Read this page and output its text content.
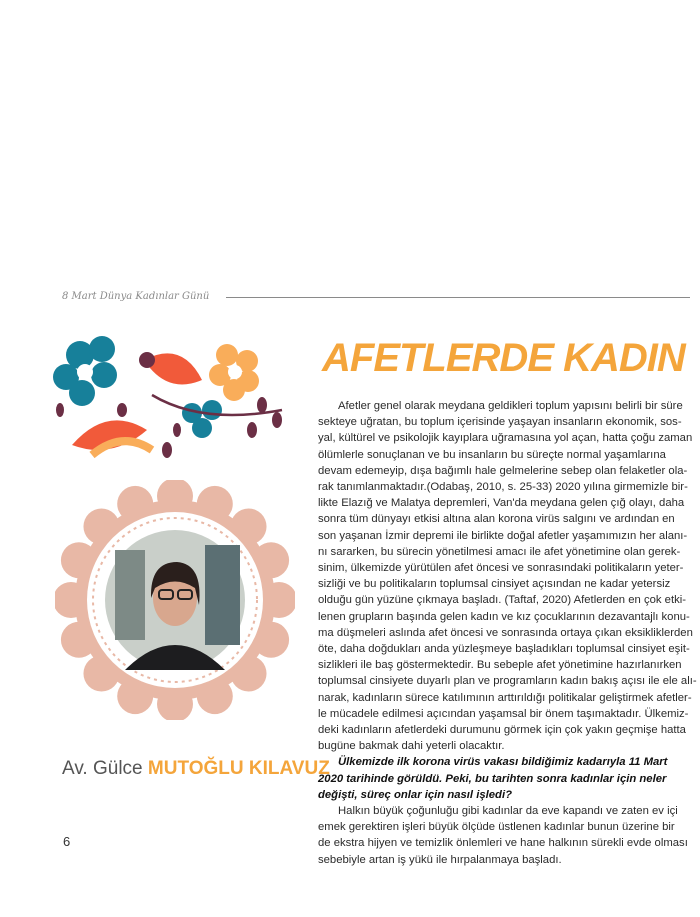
8 Mart Dünya Kadınlar Günü
AFETLERDE KADIN
Afetler genel olarak meydana geldikleri toplum yapısını belirli bir süre
sekteye uğratan, bu toplum içerisinde yaşayan insanların ekonomik, sos-
yal, kültürel ve psikolojik kayıplara uğramasına yol açan, hatta çoğu zaman
ölümlerle sonuçlanan ve bu insanların bu süreçte normal yaşamlarına
devam edemeyip, dışa bağımlı hale gelmelerine sebep olan felaketler ola-
rak tanımlanmaktadır.(Odabaş, 2010, s. 25-33) 2020 yılına girmemizle bir-
likte Elazığ ve Malatya depremleri, Van'da meydana gelen çığ olayı, daha
sonra tüm dünyayı etkisi altına alan korona virüs salgını ve ardından en
son yaşanan İzmir depremi ile birlikte doğal afetler yaşamımızın her alanı-
nı sararken, bu sürecin yönetilmesi amacı ile afet yönetimine olan gerek-
sinim, ülkemizde yürütülen afet öncesi ve sonrasındaki politikaların yeter-
sizliği ve bu politikaların toplumsal cinsiyet açısından ne kadar yetersiz
olduğu gün yüzüne çıkmaya başladı. (Taftaf, 2020) Afetlerden en çok etki-
lenen grupların başında gelen kadın ve kız çocuklarının dezavantajlı konu-
ma düşmeleri aslında afet öncesi ve sonrasında ortaya çıkan eksikliklerden
öte, daha doğdukları anda yüzleşmeye başladıkları toplumsal cinsiyet eşit-
sizlikleri ile baş göstermektedir. Bu sebeple afet yönetimine hazırlanırken
toplumsal cinsiyete duyarlı plan ve programların kadın bakış açısı ile ele alı-
narak, kadınların sürece katılımının arttırıldığı politikalar geliştirmek afetler-
le mücadele edilmesi açıcından yaşamsal bir önem taşımaktadır. Ülkemiz-
deki kadınların afetlerdeki durumunu görmek için çok yakın geçmişe hatta
bugüne bakmak dahi yeterli olacaktır.
Ülkemizde ilk korona virüs vakası bildiğimiz kadarıyla 11 Mart
2020 tarihinde görüldü. Peki, bu tarihten sonra kadınlar için neler
değişti, süreç onlar için nasıl işledi?
Halkın büyük çoğunluğu gibi kadınlar da eve kapandı ve zaten ev içi
emek gerektiren işleri büyük ölçüde üstlenen kadınlar bunun üzerine bir
de ekstra hijyen ve temizlik önlemleri ve hane halkının sürekli evde olması
sebebiyle artan iş yükü ile hırpalanmaya başladı.
Av. Gülce MUTOĞLU KILAVUZ
6
